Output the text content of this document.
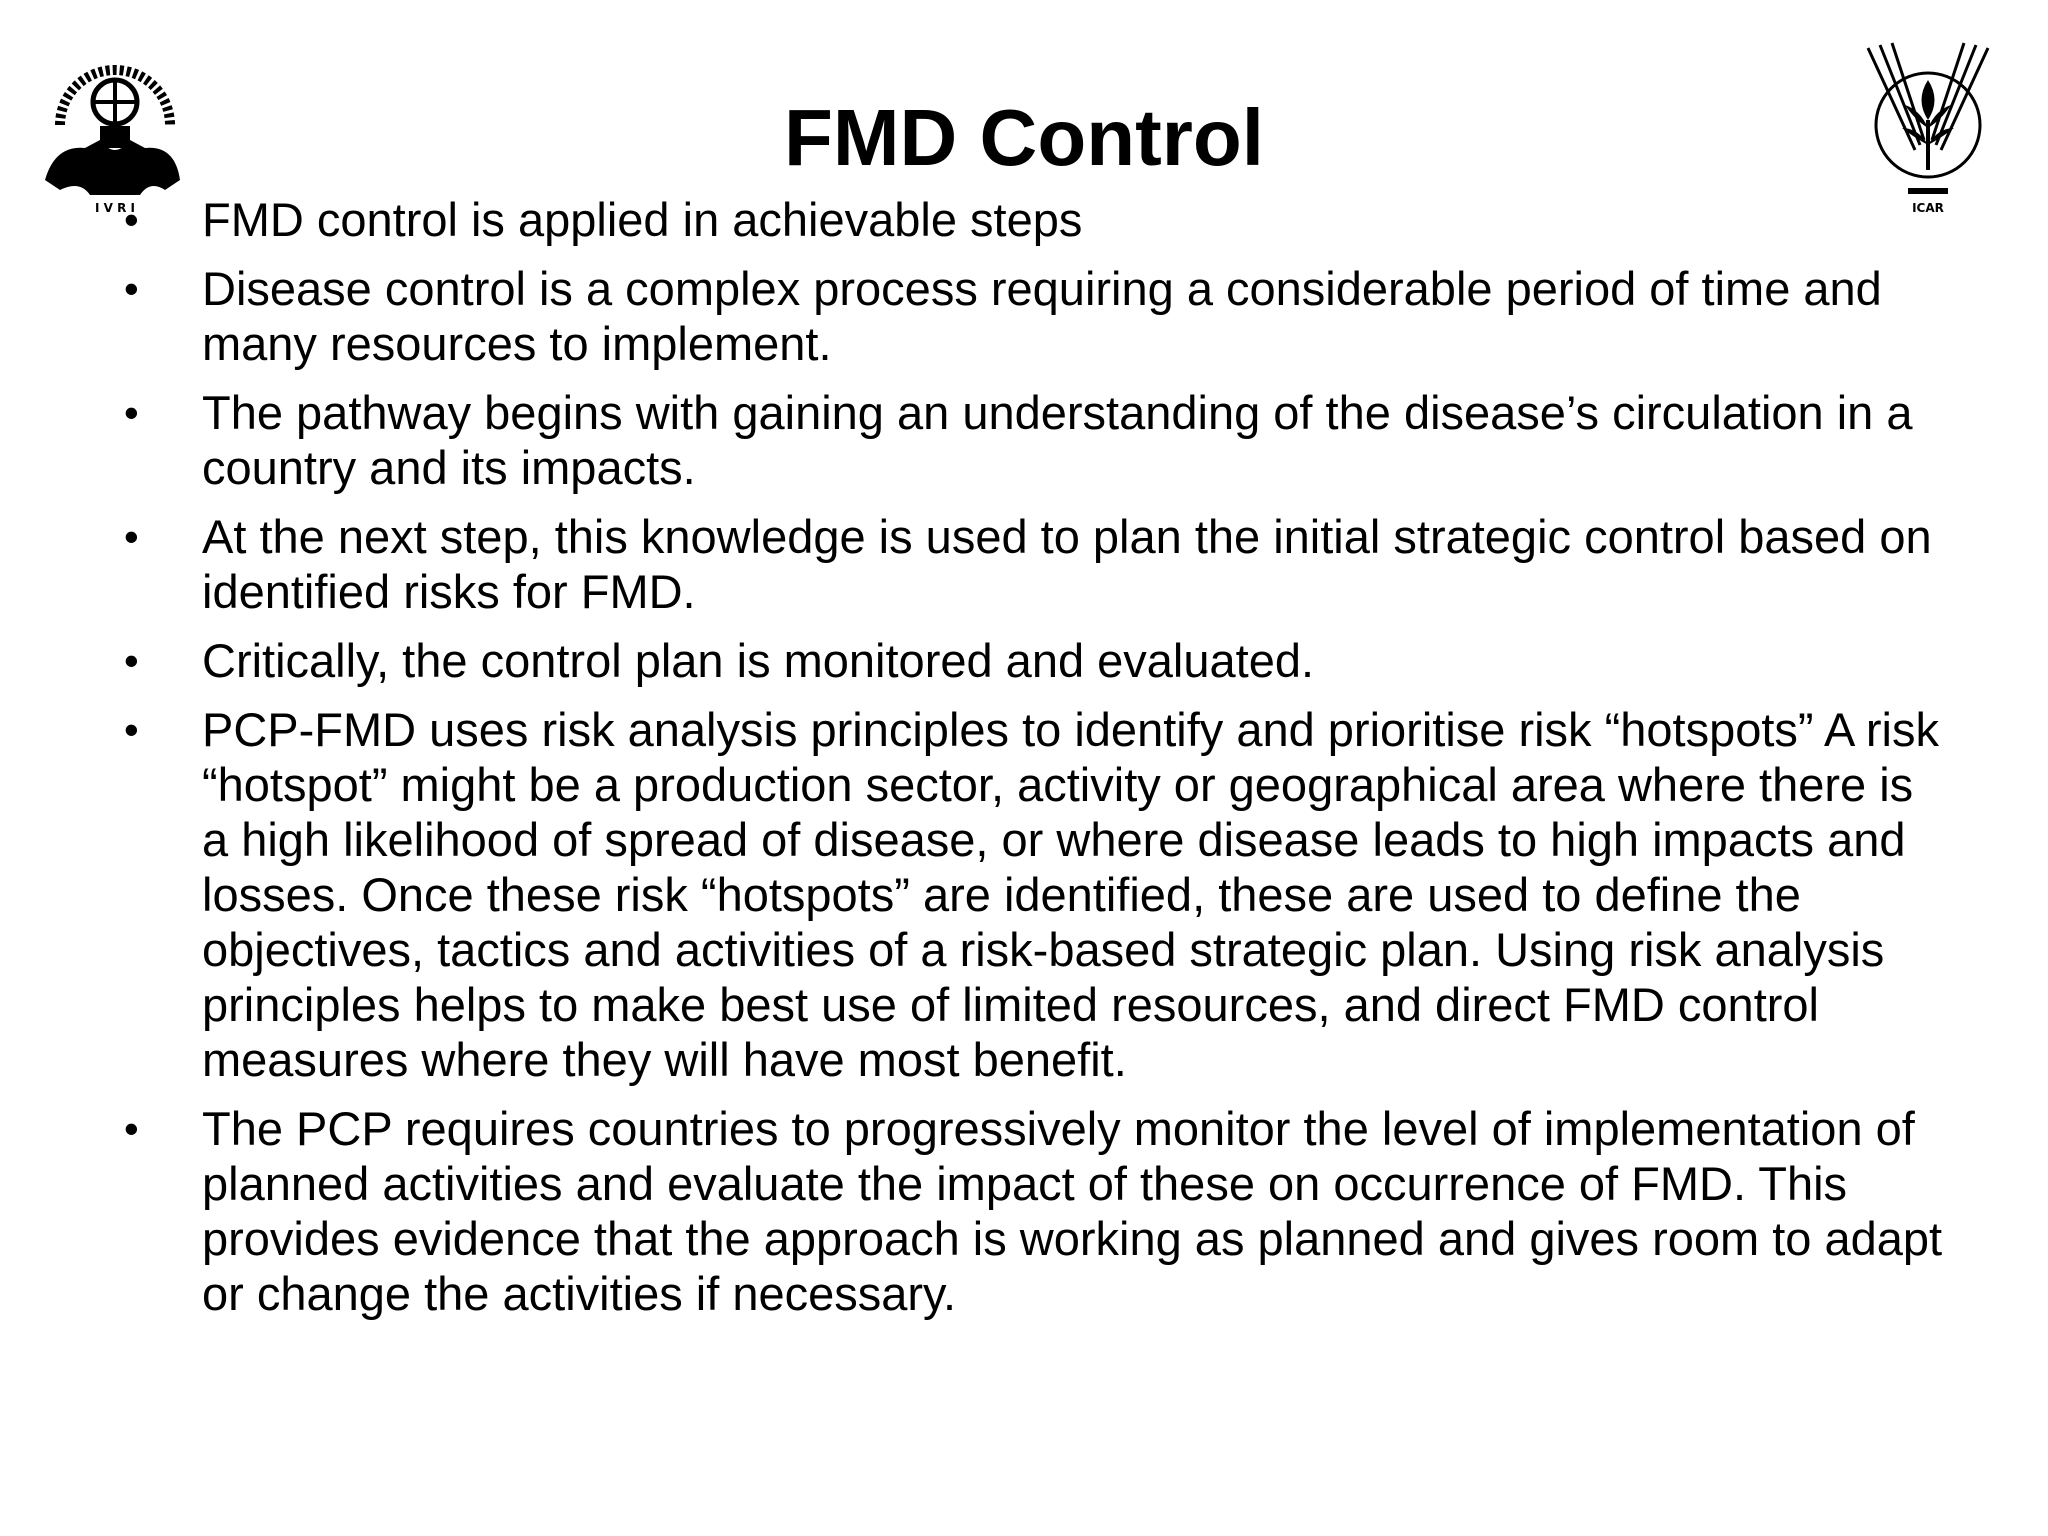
I V R I	ICAR
FMD Control
•	FMD control is applied in achievable steps
•	Disease control is a complex process requiring a considerable period of time and many resources to implement.
•	The pathway begins with gaining an understanding of the disease’s circulation in a country and its impacts.
•	At the next step, this knowledge is used to plan the initial strategic control based on identified risks for FMD.
•	Critically, the control plan is monitored and evaluated.
•	PCP-FMD uses risk analysis principles to identify and prioritise risk “hotspots” A risk “hotspot” might be a production sector, activity or geographical area where there is a high likelihood of spread of disease, or where disease leads to high impacts and losses. Once these risk “hotspots” are identified, these are used to define the objectives, tactics and activities of a risk-based strategic plan. Using risk analysis principles helps to make best use of limited resources, and direct FMD control measures where they will have most benefit.
•	The PCP requires countries to progressively monitor the level of implementation of planned activities and evaluate the impact of these on occurrence of FMD. This provides evidence that the approach is working as planned and gives room to adapt or change the activities if necessary.
